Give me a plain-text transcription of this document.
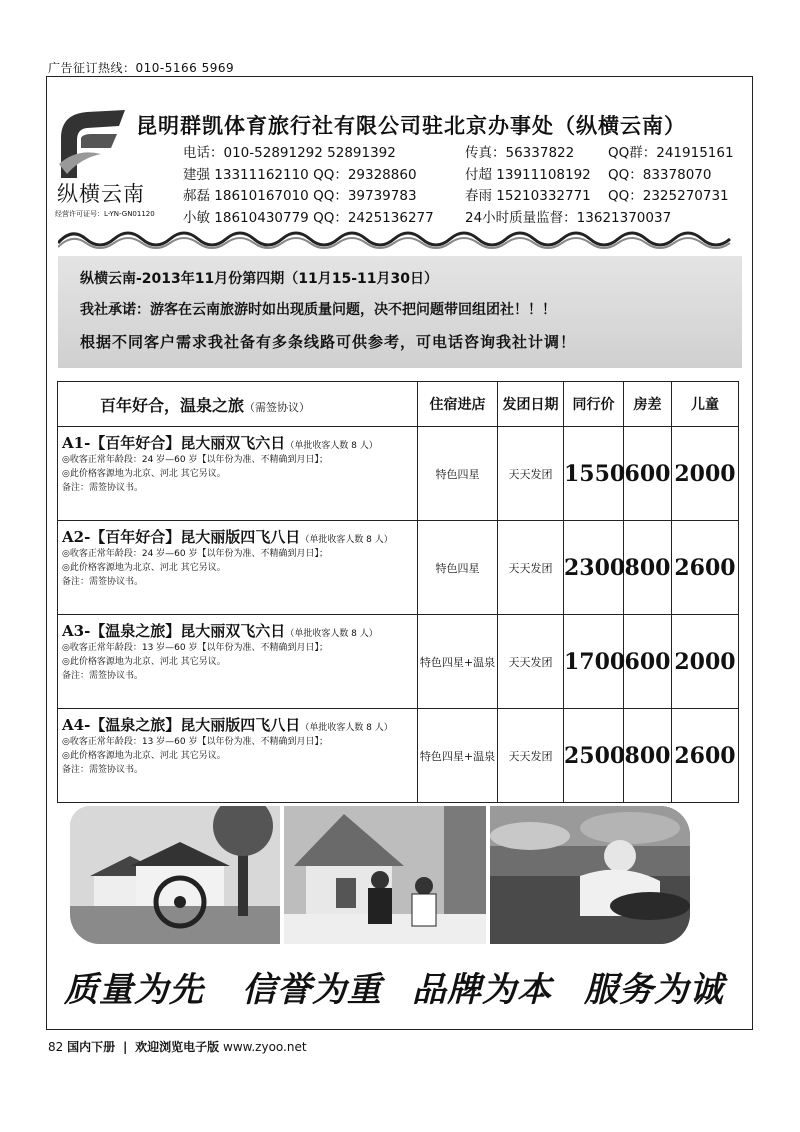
广告征订热线：010-5166 5969
纵横云南
经营许可证号：L-YN-GN01120
昆明群凯体育旅行社有限公司驻北京办事处（纵横云南）
电话：010-52891292 52891392	传真：56337822	QQ群：241915161
建强 13311162110 QQ：29328860	付超 13911108192 QQ：83378070
郝磊 18610167010 QQ：39739783	春雨 15210332771 QQ：2325270731
小敏 18610430779 QQ：2425136277 24小时质量监督：13621370037
纵横云南-2013年11月份第四期（11月15-11月30日）
我社承诺：游客在云南旅游时如出现质量问题，决不把问题带回组团社！！！
根据不同客户需求我社备有多条线路可供参考，可电话咨询我社计调！
百年好合，温泉之旅（需签协议）	住宿进店	发团日期	同行价	房差	儿童

A1-【百年好合】昆大丽双飞六日（单批收客人数 8 人）
◎收客正常年龄段：24 岁—60 岁【以年份为准、不精确到月日】；
◎此价格客源地为北京、河北 其它另议。
备注：需签协议书。	特色四星	天天发团	1550	600	2000

A2-【百年好合】昆大丽版四飞八日（单批收客人数 8 人）
◎收客正常年龄段：24 岁—60 岁【以年份为准、不精确到月日】；
◎此价格客源地为北京、河北 其它另议。
备注：需签协议书。	特色四星	天天发团	2300	800	2600

A3-【温泉之旅】昆大丽双飞六日（单批收客人数 8 人）
◎收客正常年龄段：13 岁—60 岁【以年份为准、不精确到月日】；
◎此价格客源地为北京、河北 其它另议。
备注：需签协议书。	特色四星+温泉	天天发团	1700	600	2000

A4-【温泉之旅】昆大丽版四飞八日（单批收客人数 8 人）
◎收客正常年龄段：13 岁—60 岁【以年份为准、不精确到月日】；
◎此价格客源地为北京、河北 其它另议。
备注：需签协议书。	特色四星+温泉	天天发团	2500	800	2600
质量为先 信誉为重 品牌为本 服务为诚
82 国内下册 | 欢迎浏览电子版 www.zyoo.net
